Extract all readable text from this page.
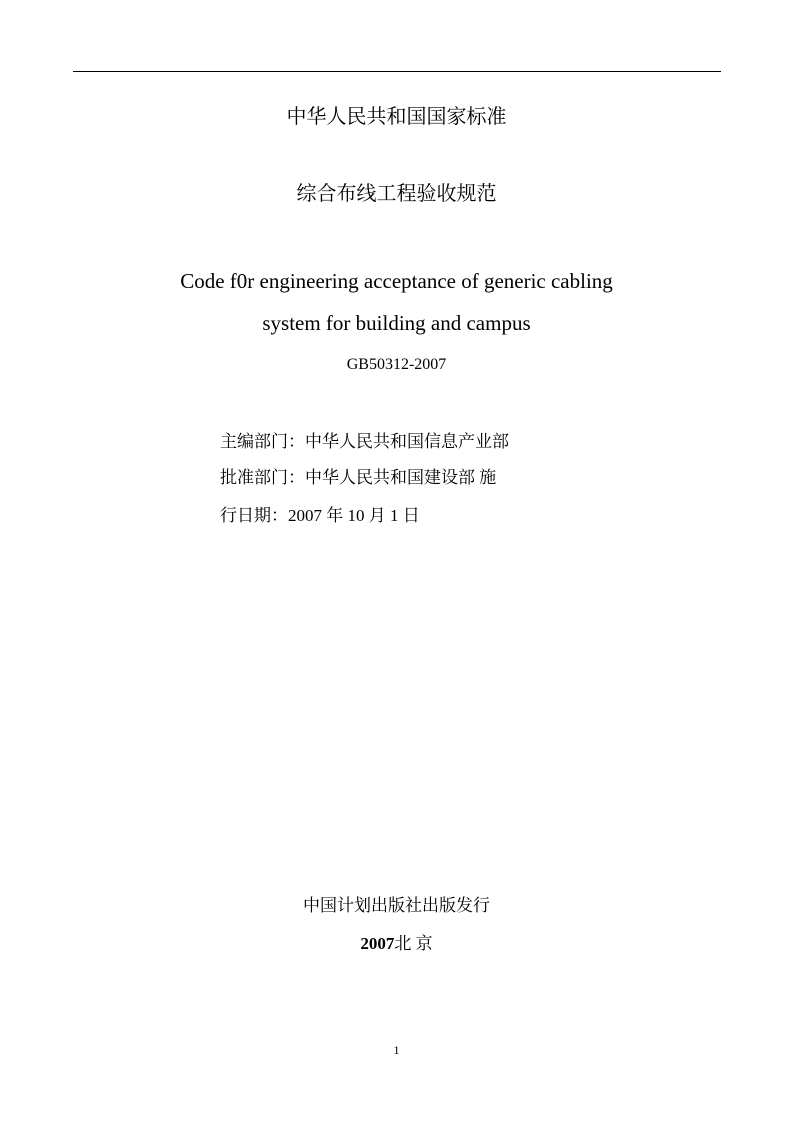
中华人民共和国国家标准
综合布线工程验收规范
Code f0r engineering acceptance of generic cabling
system for building and campus
GB50312-2007
主编部门：中华人民共和国信息产业部
批准部门：中华人民共和国建设部 施
行日期：2007 年 10 月 1 日
中国计划出版社出版发行
2007北 京
1
